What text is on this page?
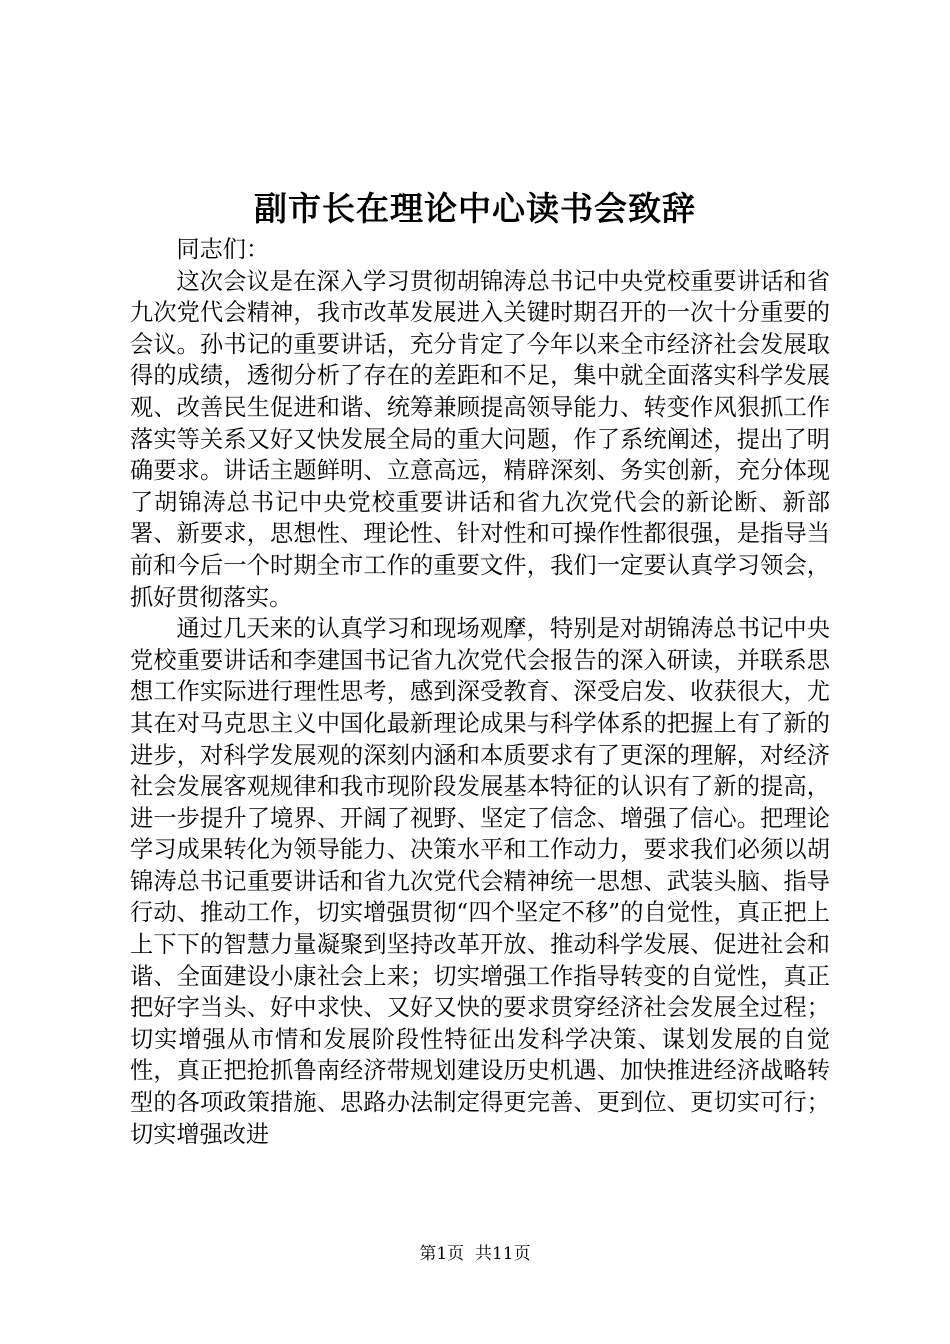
副市长在理论中心读书会致辞

同志们：

这次会议是在深入学习贯彻胡锦涛总书记中央党校重要讲话和省九次党代会精神，我市改革发展进入关键时期召开的一次十分重要的会议。孙书记的重要讲话，充分肯定了今年以来全市经济社会发展取得的成绩，透彻分析了存在的差距和不足，集中就全面落实科学发展观、改善民生促进和谐、统筹兼顾提高领导能力、转变作风狠抓工作落实等关系又好又快发展全局的重大问题，作了系统阐述，提出了明确要求。讲话主题鲜明、立意高远，精辟深刻、务实创新，充分体现了胡锦涛总书记中央党校重要讲话和省九次党代会的新论断、新部署、新要求，思想性、理论性、针对性和可操作性都很强，是指导当前和今后一个时期全市工作的重要文件，我们一定要认真学习领会，抓好贯彻落实。

通过几天来的认真学习和现场观摩，特别是对胡锦涛总书记中央党校重要讲话和李建国书记省九次党代会报告的深入研读，并联系思想工作实际进行理性思考，感到深受教育、深受启发、收获很大，尤其在对马克思主义中国化最新理论成果与科学体系的把握上有了新的进步，对科学发展观的深刻内涵和本质要求有了更深的理解，对经济社会发展客观规律和我市现阶段发展基本特征的认识有了新的提高，进一步提升了境界、开阔了视野、坚定了信念、增强了信心。把理论学习成果转化为领导能力、决策水平和工作动力，要求我们必须以胡锦涛总书记重要讲话和省九次党代会精神统一思想、武装头脑、指导行动、推动工作，切实增强贯彻“四个坚定不移”的自觉性，真正把上上下下的智慧力量凝聚到坚持改革开放、推动科学发展、促进社会和谐、全面建设小康社会上来；切实增强工作指导转变的自觉性，真正把好字当头、好中求快、又好又快的要求贯穿经济社会发展全过程；切实增强从市情和发展阶段性特征出发科学决策、谋划发展的自觉性，真正把抢抓鲁南经济带规划建设历史机遇、加快推进经济战略转型的各项政策措施、思路办法制定得更完善、更到位、更切实可行；切实增强改进

第1页  共11页
